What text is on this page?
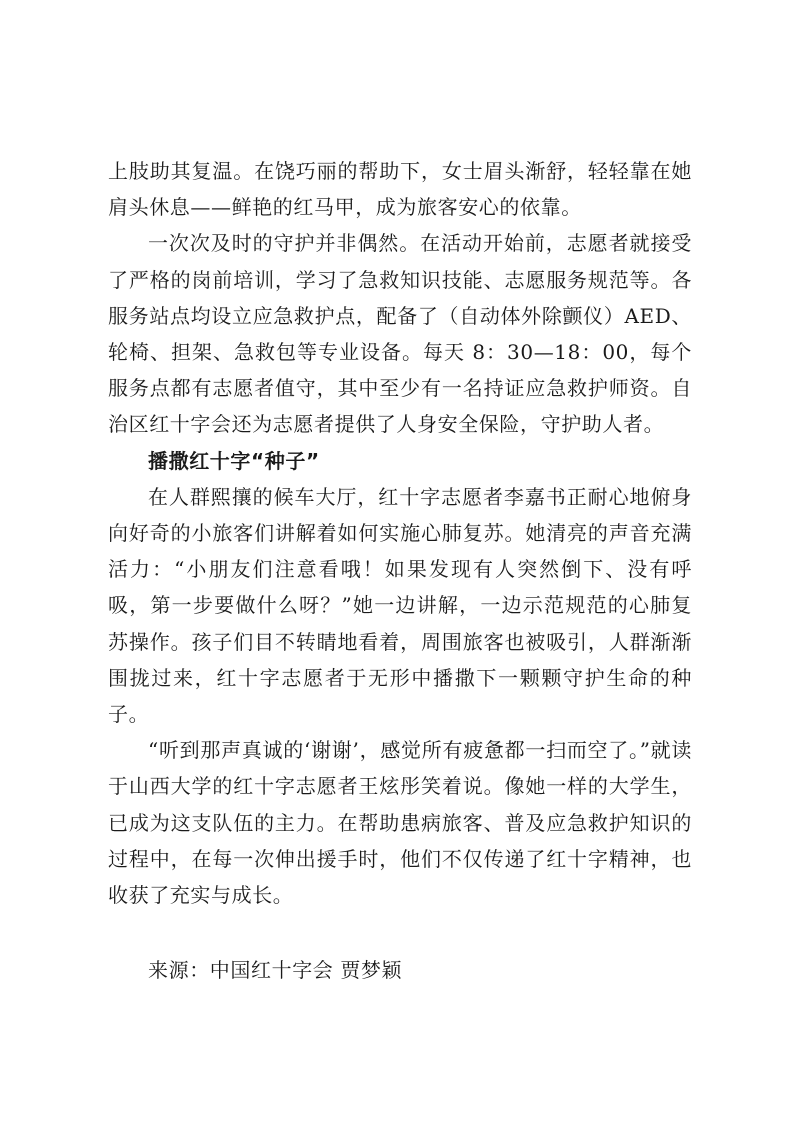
上肢助其复温。在饶巧丽的帮助下，女士眉头渐舒，轻轻靠在她肩头休息——鲜艳的红马甲，成为旅客安心的依靠。

一次次及时的守护并非偶然。在活动开始前，志愿者就接受了严格的岗前培训，学习了急救知识技能、志愿服务规范等。各服务站点均设立应急救护点，配备了（自动体外除颤仪）AED、轮椅、担架、急救包等专业设备。每天 8：30—18：00，每个服务点都有志愿者值守，其中至少有一名持证应急救护师资。自治区红十字会还为志愿者提供了人身安全保险，守护助人者。

播撒红十字“种子”

在人群熙攘的候车大厅，红十字志愿者李嘉书正耐心地俯身向好奇的小旅客们讲解着如何实施心肺复苏。她清亮的声音充满活力：“小朋友们注意看哦！如果发现有人突然倒下、没有呼吸，第一步要做什么呀？”她一边讲解，一边示范规范的心肺复苏操作。孩子们目不转睛地看着，周围旅客也被吸引，人群渐渐围拢过来，红十字志愿者于无形中播撒下一颗颗守护生命的种子。

“听到那声真诚的‘谢谢’，感觉所有疲惫都一扫而空了。”就读于山西大学的红十字志愿者王炫彤笑着说。像她一样的大学生，已成为这支队伍的主力。在帮助患病旅客、普及应急救护知识的过程中，在每一次伸出援手时，他们不仅传递了红十字精神，也收获了充实与成长。

来源：中国红十字会 贾梦颖
